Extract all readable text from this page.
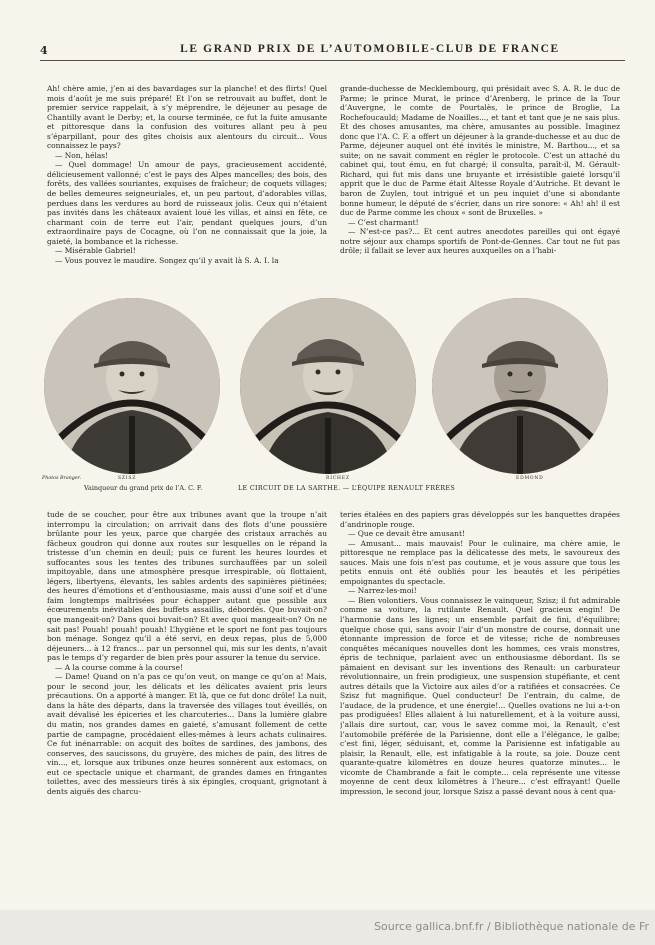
4	LE GRAND PRIX DE L’AUTOMOBILE-CLUB DE FRANCE

Ah! chère amie, j’en ai des bavardages sur la planche! et des flirts! Quel mois d’août je me suis préparé! Et l’on se retrouvait au buffet, dont le premier service rappelait, à s’y méprendre, le déjeuner au pesage de Chantilly avant le Derby; et, la course terminée, ce fut la fuite amusante et pittoresque dans la confusion des voitures allant peu à peu s’éparpillant, pour des gîtes choisis aux alentours du circuit... Vous connaissez le pays?

— Non, hélas!

— Quel dommage! Un amour de pays, gracieusement accidenté, délicieusement vallonné; c’est le pays des Alpes mancelles; des bois, des forêts, des vallées souriantes, exquises de fraîcheur; de coquets villages; de belles demeures seigneuriales, et, un peu partout, d’adorables villas, perdues dans les verdures au bord de ruisseaux jolis. Ceux qui n’étaient pas invités dans les châteaux avaient loué les villas, et ainsi en fête, ce charmant coin de terre eut l’air, pendant quelques jours, d’un extraordinaire pays de Cocagne, où l’on ne connaissait que la joie, la gaieté, la bombance et la richesse.

— Misérable Gabriel!

— Vous pouvez le maudire. Songez qu’il y avait là S. A. I. la

grande-duchesse de Mecklembourg, qui présidait avec S. A. R. le duc de Parme; le prince Murat, le prince d’Arenberg, le prince de la Tour d’Auvergne, le comte de Pourtalès, le prince de Broglie, La Rochefoucauld; Madame de Noailles..., et tant et tant que je ne sais plus. Et des choses amusantes, ma chère, amusantes au possible. Imaginez donc que l’A. C. F. a offert un déjeuner à la grande-duchesse et au duc de Parme, déjeuner auquel ont été invités le ministre, M. Barthou..., et sa suite; on ne savait comment en régler le protocole. C’est un attaché du cabinet qui, tout ému, en fut chargé; il consulta, paraît-il, M. Gérault-Richard, qui fut mis dans une bruyante et irrésistible gaieté lorsqu’il apprit que le duc de Parme était Altesse Royale d’Autriche. Et devant le baron de Zuylen, tout intrigué et un peu inquiet d’une si abondante bonne humeur, le député de s’écrier, dans un rire sonore: « Ah! ah! il est duc de Parme comme les choux « sont de Bruxelles. »

— C’est charmant!

— N’est-ce pas?... Et cent autres anecdotes pareilles qui ont égayé notre séjour aux champs sportifs de Pont-de-Gennes. Car tout ne fut pas drôle; il fallait se lever aux heures auxquelles on a l’habi-

Photos Branger.	SZISZ	RICHEZ	EDMOND
Vainqueur du grand prix de l’A. C. F.	LE CIRCUIT DE LA SARTHE. — L’ÉQUIPE RENAULT FRÈRES

tude de se coucher, pour être aux tribunes avant que la troupe n’ait interrompu la circulation; on arrivait dans des flots d’une poussière brûlante pour les yeux, parce que chargée des cristaux arrachés au fâcheux goudron qui donne aux routes sur lesquelles on le répand la tristesse d’un chemin en deuil; puis ce furent les heures lourdes et suffocantes sous les tentes des tribunes surchauffées par un soleil impitoyable, dans une atmosphère presque irrespirable, où flottaient, légers, libertyens, élevants, les sables ardents des sapinières piétinées; des heures d’émotions et d’enthousiasme, mais aussi d’une soif et d’une faim longtemps maîtrisées pour échapper autant que possible aux écœurements inévitables des buffets assaillis, débordés. Que buvait-on? que mangeait-on? Dans quoi buvait-on? Et avec quoi mangeait-on? On ne sait pas! Pouah! pouah! pouah! L’hygiène et le sport ne font pas toujours bon ménage. Songez qu’il a été servi, en deux repas, plus de 5,000 déjeuners... à 12 francs... par un personnel qui, mis sur les dents, n’avait pas le temps d’y regarder de bien près pour assurer la tenue du service.

— A la course comme à la course!

— Dame! Quand on n’a pas ce qu’on veut, on mange ce qu’on a! Mais, pour le second jour, les délicats et les délicates avaient pris leurs précautions. On a apporté à manger. Et là, que ce fut donc drôle! La nuit, dans la hâte des départs, dans la traversée des villages tout éveillés, on avait dévalisé les épiceries et les charcuteries... Dans la lumière glabre du matin, nos grandes dames en gaieté, s’amusant follement de cette partie de campagne, procédaient elles-mêmes à leurs achats culinaires. Ce fut inénarrable: on acquit des boîtes de sardines, des jambons, des conserves, des saucissons, du gruyère, des miches de pain, des litres de vin..., et, lorsque aux tribunes onze heures sonnèrent aux estomacs, on eut ce spectacle unique et charmant, de grandes dames en fringantes toilettes, avec des messieurs tirés à six épingles, croquant, grignotant à dents aiguës des charcu-

teries étalées en des papiers gras développés sur les banquettes drapées d’andrinople rouge.

— Que ce devait être amusant!

— Amusant... mais mauvais! Pour le culinaire, ma chère amie, le pittoresque ne remplace pas la délicatesse des mets, le savoureux des sauces. Mais une fois n’est pas coutume, et je vous assure que tous les petits ennuis ont été oubliés pour les beautés et les péripéties empoignantes du spectacle.

— Narrez-les-moi!

— Bien volontiers. Vous connaissez le vainqueur, Szisz; il fut admirable comme sa voiture, la rutilante Renault. Quel gracieux engin! De l’harmonie dans les lignes; un ensemble parfait de fini, d’équilibre; quelque chose qui, sans avoir l’air d’un monstre de course, donnait une étonnante impression de force et de vitesse; riche de nombreuses conquêtes mécaniques nouvelles dont les hommes, ces vrais monstres, épris de technique, parlaient avec un enthousiasme débordant. Ils se pâmaient en devisant sur les inventions des Renault: un carburateur révolutionnaire, un frein prodigieux, une suspension stupéfiante, et cent autres détails que la Victoire aux ailes d’or a ratifiées et consacrées. Ce Szisz fut magnifique. Quel conducteur! De l’entrain, du calme, de l’audace, de la prudence, et une énergie!... Quelles ovations ne lui a-t-on pas prodiguées! Elles allaient à lui naturellement, et à la voiture aussi, j’allais dire surtout, car, vous le savez comme moi, la Renault, c’est l’automobile préférée de la Parisienne, dont elle a l’élégance, le galbe; c’est fini, léger, séduisant, et, comme la Parisienne est infatigable au plaisir, la Renault, elle, est infatigable à la route, sa joie. Douze cent quarante-quatre kilomètres en douze heures quatorze minutes... le vicomte de Chambrande a fait le compte... cela représente une vitesse moyenne de cent deux kilomètres à l’heure... c’est effrayant! Quelle impression, le second jour, lorsque Szisz a passé devant nous à cent qua-

Source gallica.bnf.fr / Bibliothèque nationale de Fr
